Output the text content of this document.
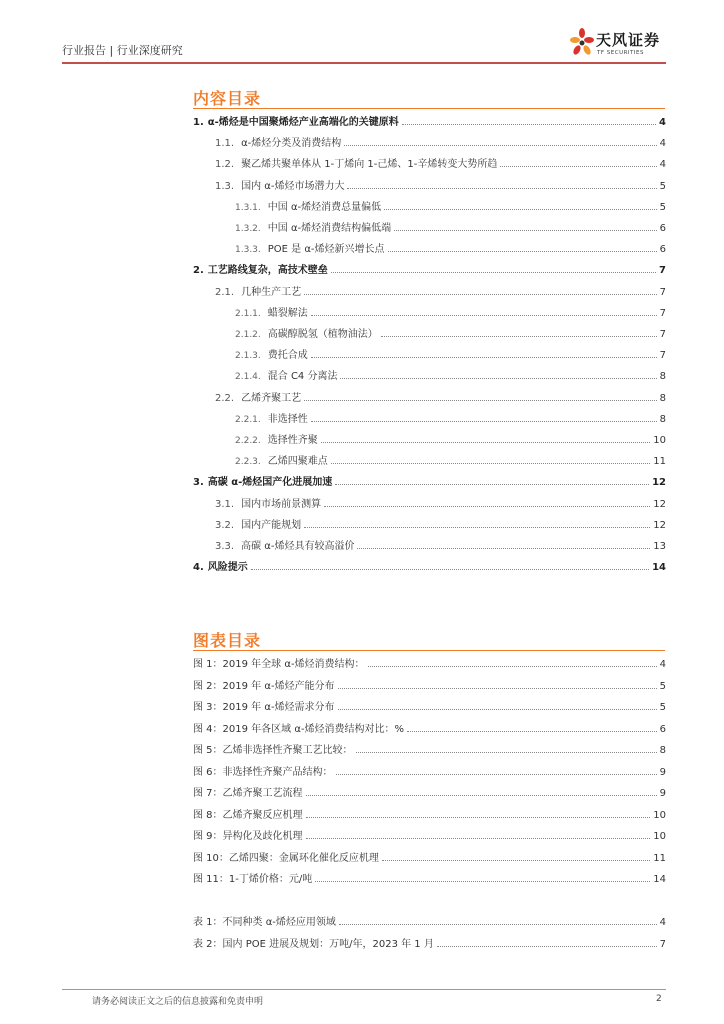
行业报告 | 行业深度研究
天风证券
TF SECURITIES
内容目录
1. α-烯烃是中国聚烯烃产业高端化的关键原料	4
1.1. α-烯烃分类及消费结构	4
1.2. 聚乙烯共聚单体从 1-丁烯向 1-己烯、1-辛烯转变大势所趋	4
1.3. 国内 α-烯烃市场潜力大	5
1.3.1. 中国 α-烯烃消费总量偏低	5
1.3.2. 中国 α-烯烃消费结构偏低端	6
1.3.3. POE 是 α-烯烃新兴增长点	6
2. 工艺路线复杂，高技术壁垒	7
2.1. 几种生产工艺	7
2.1.1. 蜡裂解法	7
2.1.2. 高碳醇脱氢（植物油法）	7
2.1.3. 费托合成	7
2.1.4. 混合 C4 分离法	8
2.2. 乙烯齐聚工艺	8
2.2.1. 非选择性	8
2.2.2. 选择性齐聚	10
2.2.3. 乙烯四聚难点	11
3. 高碳 α-烯烃国产化进展加速	12
3.1. 国内市场前景测算	12
3.2. 国内产能规划	12
3.3. 高碳 α-烯烃具有较高溢价	13
4. 风险提示	14
图表目录
图 1：2019 年全球 α-烯烃消费结构：	4
图 2：2019 年 α-烯烃产能分布	5
图 3：2019 年 α-烯烃需求分布	5
图 4：2019 年各区域 α-烯烃消费结构对比：%	6
图 5：乙烯非选择性齐聚工艺比较：	8
图 6：非选择性齐聚产品结构：	9
图 7：乙烯齐聚工艺流程	9
图 8：乙烯齐聚反应机理	10
图 9：异构化及歧化机理	10
图 10：乙烯四聚：金属环化催化反应机理	11
图 11：1-丁烯价格：元/吨	14
表 1：不同种类 α-烯烃应用领域	4
表 2：国内 POE 进展及规划：万吨/年，2023 年 1 月	7
请务必阅读正文之后的信息披露和免责申明	2
